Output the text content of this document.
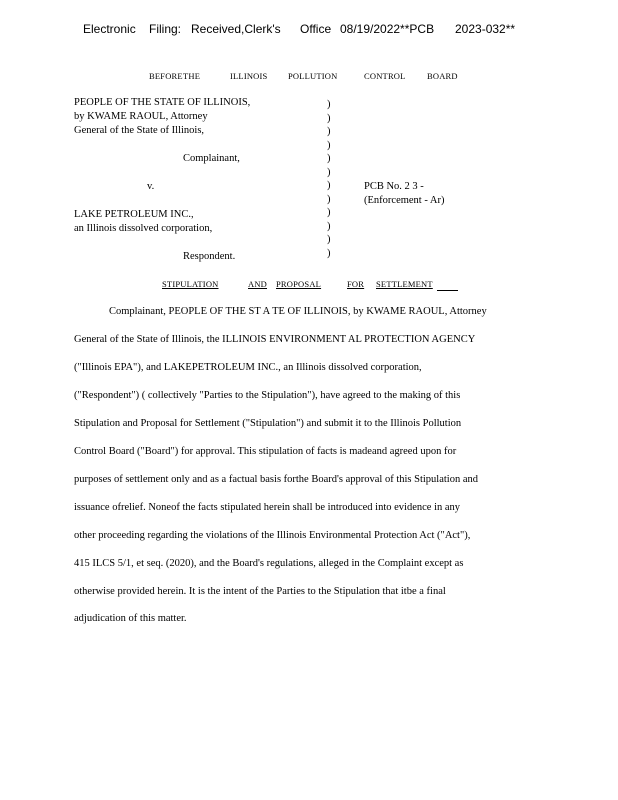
Electronic Filing: Received,Clerk's Office 08/19/2022**PCB 2023-032**
BEFORE THE	ILLINOIS POLLUTION	CONTROL	BOARD
PEOPLE OF THE STATE OF ILLINOIS,
by KWAME RAOUL, Attorney
General of the State of Illinois,
Complainant,
v.
LAKE PETROLEUM INC.,
an Illinois dissolved corporation,
Respondent.
PCB No. 2 3 -
(Enforcement - Ar)
)
)
)
)
)
)
)
)
)
)
)
)
STIPULATION	AND PROPOSAL	FOR SETTLEMENT
Complainant, PEOPLE OF THE ST A TE OF ILLINOIS, by KWAME RAOUL, Attorney
General of the State of Illinois, the ILLINOIS ENVIRONMENT AL PROTECTION AGENCY
("Illinois EPA"), and LAKEPETROLEUM INC., an Illinois dissolved corporation,
("Respondent") ( collectively "Parties to the Stipulation"), have agreed to the making of this
Stipulation and Proposal for Settlement ("Stipulation") and submit it to the Illinois Pollution
Control Board ("Board") for approval. This stipulation of facts is madeand agreed upon for
purposes of settlement only and as a factual basis forthe Board's approval of this Stipulation and
issuance ofrelief. Noneof the facts stipulated herein shall be introduced into evidence in any
other proceeding regarding the violations of the Illinois Environmental Protection Act ("Act"),
415 ILCS 5/1, et seq. (2020), and the Board's regulations, alleged in the Complaint except as
otherwise provided herein. It is the intent of the Parties to the Stipulation that itbe a final
adjudication of this matter.
